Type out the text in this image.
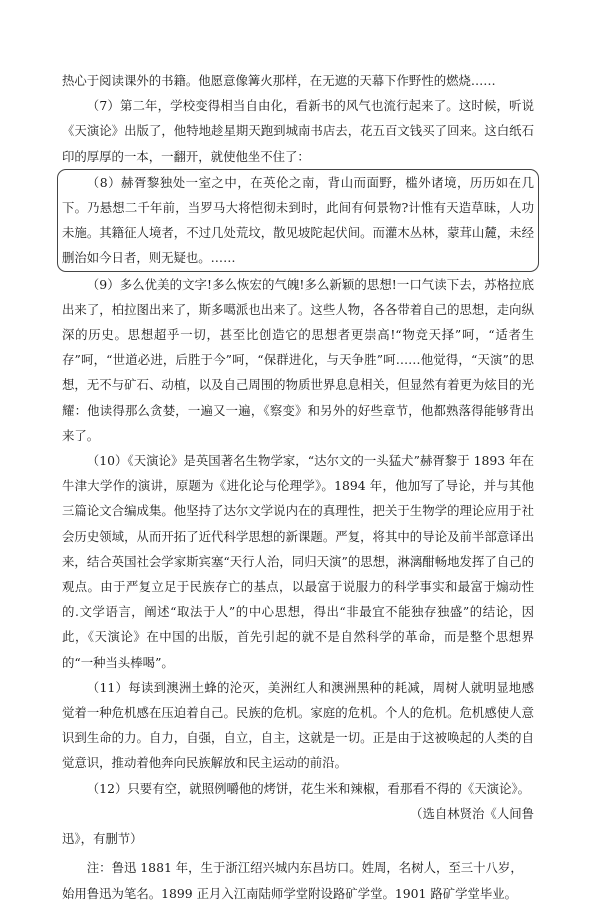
热心于阅读课外的书籍。他愿意像篝火那样，在无遮的天幕下作野性的燃烧……

（7）第二年，学校变得相当自由化，看新书的风气也流行起来了。这时候，听说《天演论》出版了，他特地趁星期天跑到城南书店去，花五百文钱买了回来。这白纸石印的厚厚的一本，一翻开，就使他坐不住了：

（8）赫胥黎独处一室之中，在英伦之南，背山而面野，槛外诸境，历历如在几下。乃悬想二千年前，当罗马大将恺彻未到时，此间有何景物?计惟有天造草昧，人功未施。其籍征人境者，不过几处荒坟，散见坡陀起伏间。而灌木丛林，蒙茸山麓，未经删治如今日者，则无疑也。……

（9）多么优美的文字!多么恢宏的气魄!多么新颖的思想!一口气读下去，苏格拉底出来了，柏拉图出来了，斯多噶派也出来了。这些人物，各各带着自己的思想，走向纵深的历史。思想超乎一切，甚至比创造它的思想者更崇高!“物竞天择”呵，“适者生存”呵，“世道必进，后胜于今”呵，“保群进化，与天争胜”呵……他觉得，“天演”的思想，无不与矿石、动植，以及自己周围的物质世界息息相关，但显然有着更为炫目的光耀：他读得那么贪婪，一遍又一遍，《察变》和另外的好些章节，他都熟落得能够背出来了。

（10）《天演论》是英国著名生物学家，“达尔文的一头猛犬”赫胥黎于 1893 年在牛津大学作的演讲，原题为《进化论与伦理学》。1894 年，他加写了导论，并与其他三篇论文合编成集。他坚持了达尔文学说内在的真理性，把关于生物学的理论应用于社会历史领域，从而开拓了近代科学思想的新课题。严复，将其中的导论及前半部意译出来，结合英国社会学家斯宾塞“天行人治，同归天演”的思想，淋漓酣畅地发挥了自己的观点。由于严复立足于民族存亡的基点，以最富于说服力的科学事实和最富于煽动性的.文学语言，阐述“取法于人”的中心思想，得出“非最宜不能独存独盛”的结论，因此，《天演论》在中国的出版，首先引起的就不是自然科学的革命，而是整个思想界的“一种当头棒喝”。

（11）每读到澳洲土蜂的沦灭，美洲红人和澳洲黑种的耗减，周树人就明显地感觉着一种危机感在压迫着自己。民族的危机。家庭的危机。个人的危机。危机感使人意识到生命的力。自力，自强，自立，自主，这就是一切。正是由于这被唤起的人类的自觉意识，推动着他奔向民族解放和民主运动的前沿。

（12）只要有空，就照例嚼他的烤饼，花生米和辣椒，看那看不得的《天演论》。

（选自林贤治《人间鲁

迅》，有删节）

注：鲁迅 1881 年，生于浙江绍兴城内东昌坊口。姓周，名树人，至三十八岁，始用鲁迅为笔名。1899 正月入江南陆师学堂附设路矿学堂。1901 路矿学堂毕业。
